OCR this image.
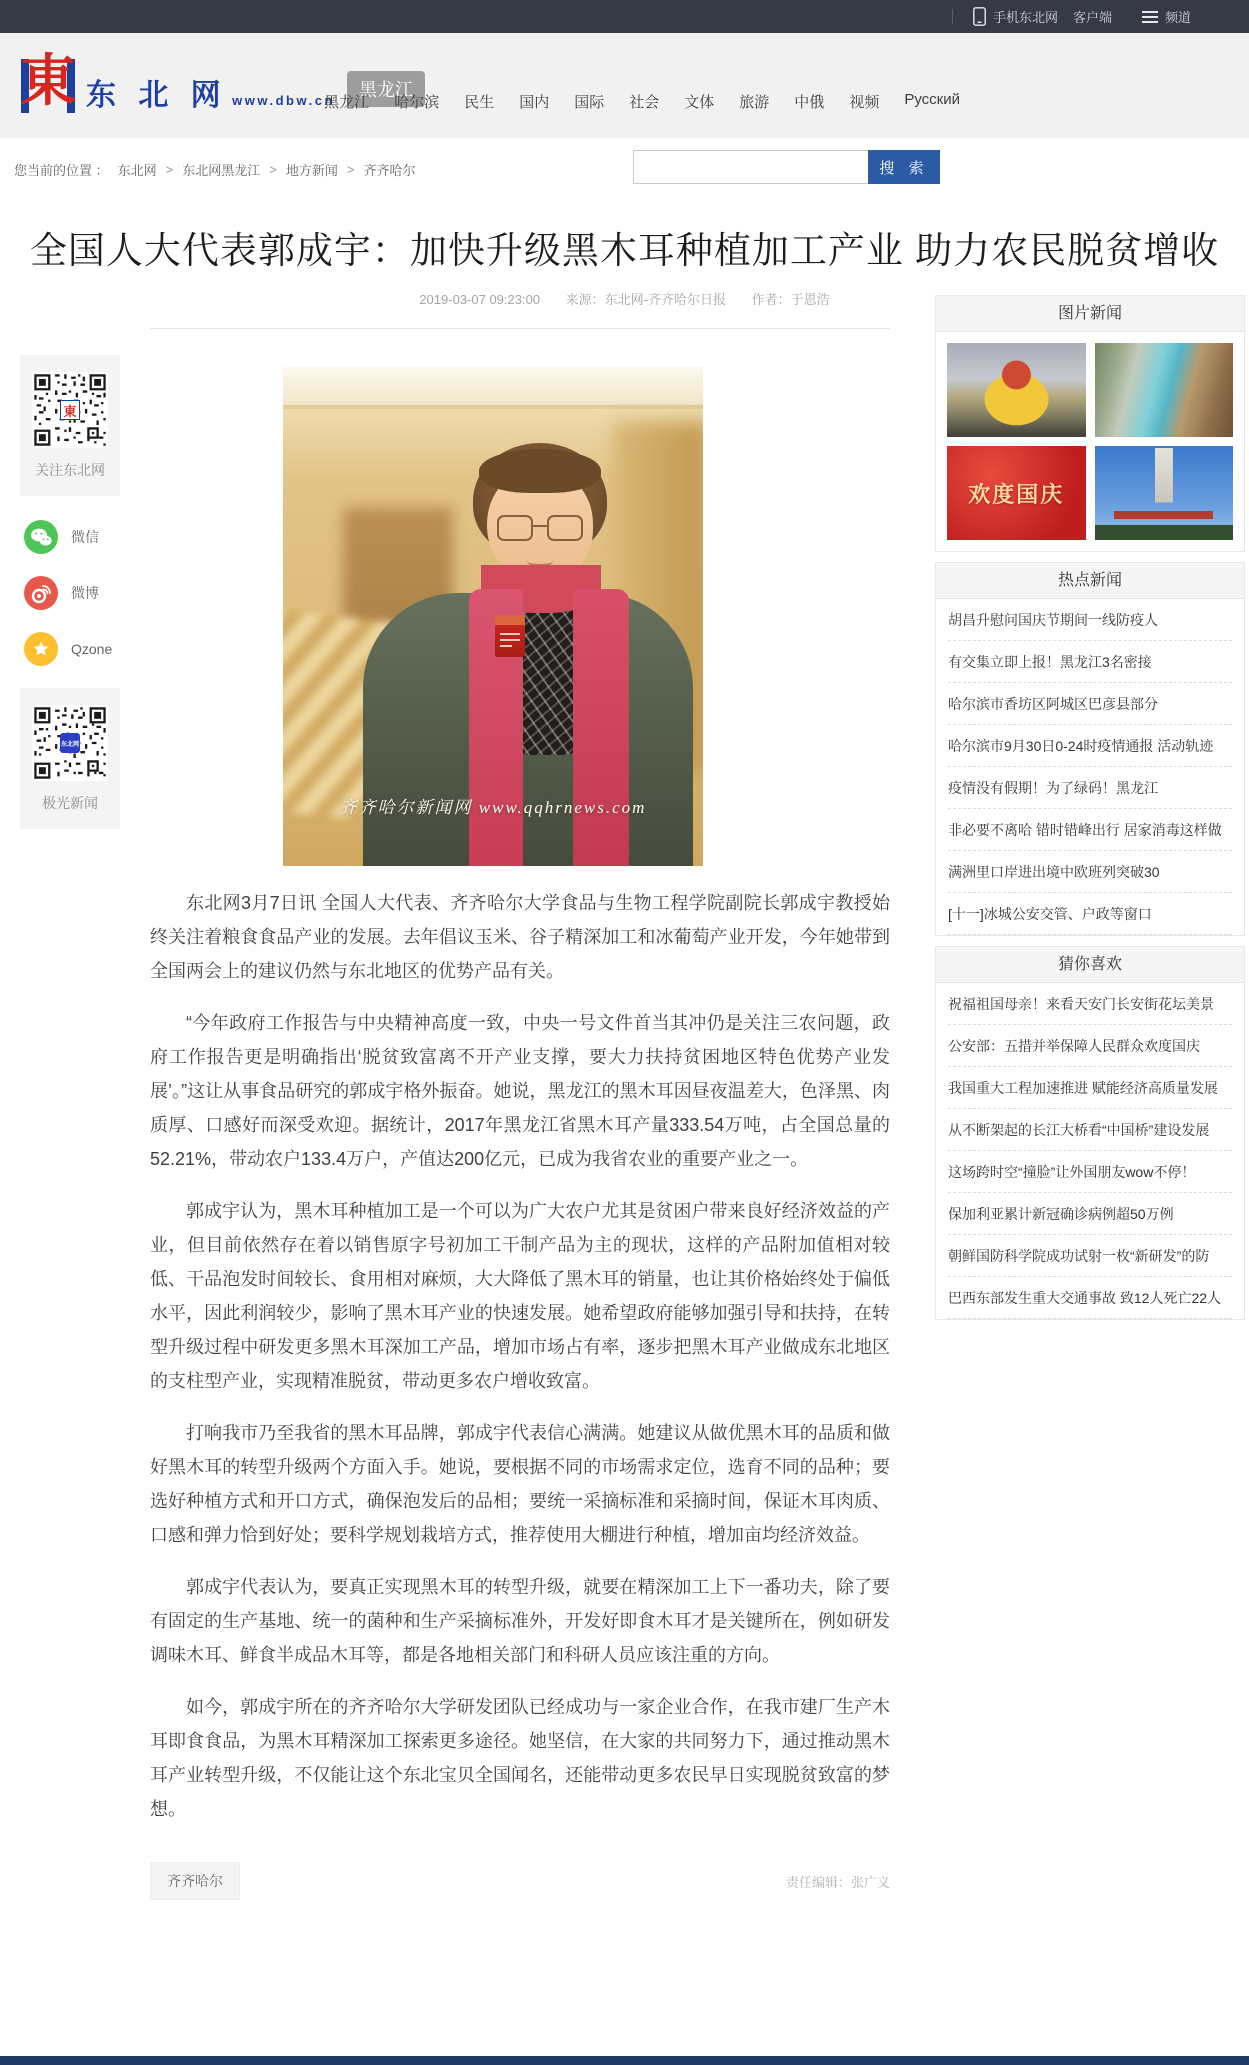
手机东北网 客户端	频道
東 东 北 网 www.dbw.cn
黑龙江
黑龙江 哈尔滨 民生 国内 国际 社会 文体 旅游 中俄 视频 Русский
您当前的位置 ： 东北网 > 东北网黑龙江 > 地方新闻 > 齐齐哈尔	搜 索
全国人大代表郭成宇：加快升级黑木耳种植加工产业 助力农民脱贫增收
2019-03-07 09:23:00 来源：东北网-齐齐哈尔日报 作者：于恩浩
東
关注东北网
微信
微博
Qzone
东北网
极光新闻	齐齐哈尔新闻网 www.qqhrnews.com

东北网3月7日讯 全国人大代表、齐齐哈尔大学食品与生物工程学院副院长郭成宇教授始终关注着粮食食品产业的发展。去年倡议玉米、谷子精深加工和冰葡萄产业开发，今年她带到全国两会上的建议仍然与东北地区的优势产品有关。

“今年政府工作报告与中央精神高度一致，中央一号文件首当其冲仍是关注三农问题，政府工作报告更是明确指出‘脱贫致富离不开产业支撑，要大力扶持贫困地区特色优势产业发展’。”这让从事食品研究的郭成宇格外振奋。她说，黑龙江的黑木耳因昼夜温差大，色泽黑、肉质厚、口感好而深受欢迎。据统计，2017年黑龙江省黑木耳产量333.54万吨，占全国总量的52.21%，带动农户133.4万户，产值达200亿元，已成为我省农业的重要产业之一。

郭成宇认为，黑木耳种植加工是一个可以为广大农户尤其是贫困户带来良好经济效益的产业，但目前依然存在着以销售原字号初加工干制产品为主的现状，这样的产品附加值相对较低、干品泡发时间较长、食用相对麻烦，大大降低了黑木耳的销量，也让其价格始终处于偏低水平，因此利润较少，影响了黑木耳产业的快速发展。她希望政府能够加强引导和扶持，在转型升级过程中研发更多黑木耳深加工产品，增加市场占有率，逐步把黑木耳产业做成东北地区的支柱型产业，实现精准脱贫，带动更多农户增收致富。

打响我市乃至我省的黑木耳品牌，郭成宇代表信心满满。她建议从做优黑木耳的品质和做好黑木耳的转型升级两个方面入手。她说，要根据不同的市场需求定位，选育不同的品种；要选好种植方式和开口方式，确保泡发后的品相；要统一采摘标准和采摘时间，保证木耳肉质、口感和弹力恰到好处；要科学规划栽培方式，推荐使用大棚进行种植，增加亩均经济效益。

郭成宇代表认为，要真正实现黑木耳的转型升级，就要在精深加工上下一番功夫，除了要有固定的生产基地、统一的菌种和生产采摘标准外，开发好即食木耳才是关键所在，例如研发调味木耳、鲜食半成品木耳等，都是各地相关部门和科研人员应该注重的方向。

如今，郭成宇所在的齐齐哈尔大学研发团队已经成功与一家企业合作，在我市建厂生产木耳即食食品，为黑木耳精深加工探索更多途径。她坚信，在大家的共同努力下，通过推动黑木耳产业转型升级，不仅能让这个东北宝贝全国闻名，还能带动更多农民早日实现脱贫致富的梦想。

齐齐哈尔	责任编辑：张广义
图片新闻
欢度国庆
热点新闻
胡昌升慰问国庆节期间一线防疫人
有交集立即上报！黑龙江3名密接
哈尔滨市香坊区阿城区巴彦县部分
哈尔滨市9月30日0-24时疫情通报 活动轨迹
疫情没有假期！为了绿码！黑龙江
非必要不离哈 错时错峰出行 居家消毒这样做
满洲里口岸进出境中欧班列突破30
[十一]冰城公安交管、户政等窗口
猜你喜欢
祝福祖国母亲！来看天安门长安街花坛美景
公安部：五措并举保障人民群众欢度国庆
我国重大工程加速推进 赋能经济高质量发展
从不断架起的长江大桥看“中国桥”建设发展
这场跨时空“撞脸”让外国朋友wow不停！
保加利亚累计新冠确诊病例超50万例
朝鲜国防科学院成功试射一枚“新研发”的防
巴西东部发生重大交通事故 致12人死亡22人
